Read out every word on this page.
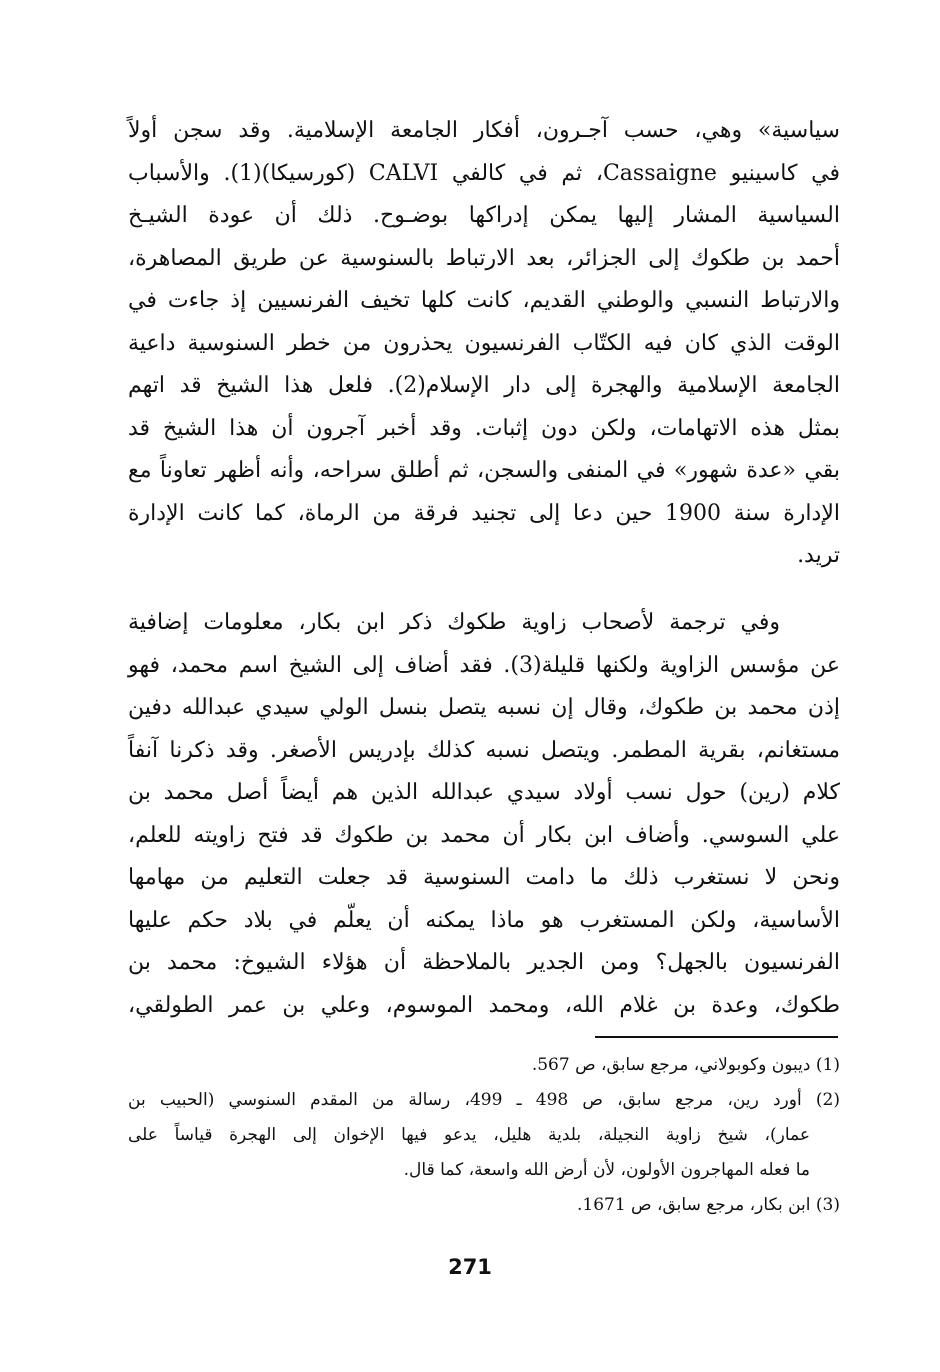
سياسية» وهي، حسب آجـرون، أفكار الجامعة الإسلامية. وقد سجن أولاً
في كاسينيو Cassaigne، ثم في كالفي CALVI (كورسيكا)(1). والأسباب
السياسية المشار إليها يمكن إدراكها بوضـوح. ذلك أن عودة الشيـخ
أحمد بن طكوك إلى الجزائر، بعد الارتباط بالسنوسية عن طريق المصاهرة،
والارتباط النسبي والوطني القديم، كانت كلها تخيف الفرنسيين إذ جاءت في
الوقت الذي كان فيه الكتّاب الفرنسيون يحذرون من خطر السنوسية داعية
الجامعة الإسلامية والهجرة إلى دار الإسلام(2). فلعل هذا الشيخ قد اتهم
بمثل هذه الاتهامات، ولكن دون إثبات. وقد أخبر آجرون أن هذا الشيخ قد
بقي «عدة شهور» في المنفى والسجن، ثم أطلق سراحه، وأنه أظهر تعاوناً مع
الإدارة سنة 1900 حين دعا إلى تجنيد فرقة من الرماة، كما كانت الإدارة
تريد.
وفي ترجمة لأصحاب زاوية طكوك ذكر ابن بكار، معلومات إضافية
عن مؤسس الزاوية ولكنها قليلة(3). فقد أضاف إلى الشيخ اسم محمد، فهو
إذن محمد بن طكوك، وقال إن نسبه يتصل بنسل الولي سيدي عبدالله دفين
مستغانم، بقرية المطمر. ويتصل نسبه كذلك بإدريس الأصغر. وقد ذكرنا آنفاً
كلام (رين) حول نسب أولاد سيدي عبدالله الذين هم أيضاً أصل محمد بن
علي السوسي. وأضاف ابن بكار أن محمد بن طكوك قد فتح زاويته للعلم،
ونحن لا نستغرب ذلك ما دامت السنوسية قد جعلت التعليم من مهامها
الأساسية، ولكن المستغرب هو ماذا يمكنه أن يعلّم في بلاد حكم عليها
الفرنسيون بالجهل؟ ومن الجدير بالملاحظة أن هؤلاء الشيوخ: محمد بن
طكوك، وعدة بن غلام الله، ومحمد الموسوم، وعلي بن عمر الطولقي،
(1) ديبون وكوبولاني، مرجع سابق، ص 567.
(2) أورد رين، مرجع سابق، ص 498 ـ 499، رسالة من المقدم السنوسي (الحبيب بن
عمار)، شيخ زاوية النجيلة، بلدية هليل، يدعو فيها الإخوان إلى الهجرة قياساً على
ما فعله المهاجرون الأولون، لأن أرض الله واسعة، كما قال.
(3) ابن بكار، مرجع سابق، ص 1671.
271
